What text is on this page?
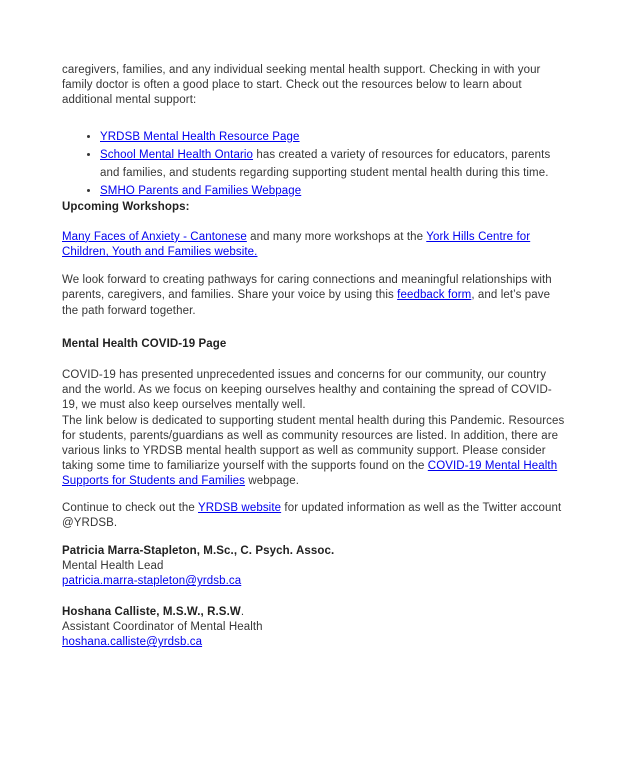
caregivers, families, and any individual seeking mental health support. Checking in with your family doctor is often a good place to start. Check out the resources below to learn about additional mental support:

• YRDSB Mental Health Resource Page
• School Mental Health Ontario has created a variety of resources for educators, parents and families, and students regarding supporting student mental health during this time.
• SMHO Parents and Families Webpage

Upcoming Workshops:

Many Faces of Anxiety - Cantonese and many more workshops at the York Hills Centre for Children, Youth and Families website.

We look forward to creating pathways for caring connections and meaningful relationships with parents, caregivers, and families. Share your voice by using this feedback form, and let’s pave the path forward together.

Mental Health COVID-19 Page

COVID-19 has presented unprecedented issues and concerns for our community, our country and the world. As we focus on keeping ourselves healthy and containing the spread of COVID-19, we must also keep ourselves mentally well.
The link below is dedicated to supporting student mental health during this Pandemic. Resources for students, parents/guardians as well as community resources are listed. In addition, there are various links to YRDSB mental health support as well as community support. Please consider taking some time to familiarize yourself with the supports found on the COVID-19 Mental Health Supports for Students and Families webpage.

Continue to check out the YRDSB website for updated information as well as the Twitter account @YRDSB.

Patricia Marra-Stapleton, M.Sc., C. Psych. Assoc.

Mental Health Lead

patricia.marra-stapleton@yrdsb.ca

Hoshana Calliste, M.S.W., R.S.W.

Assistant Coordinator of Mental Health

hoshana.calliste@yrdsb.ca
